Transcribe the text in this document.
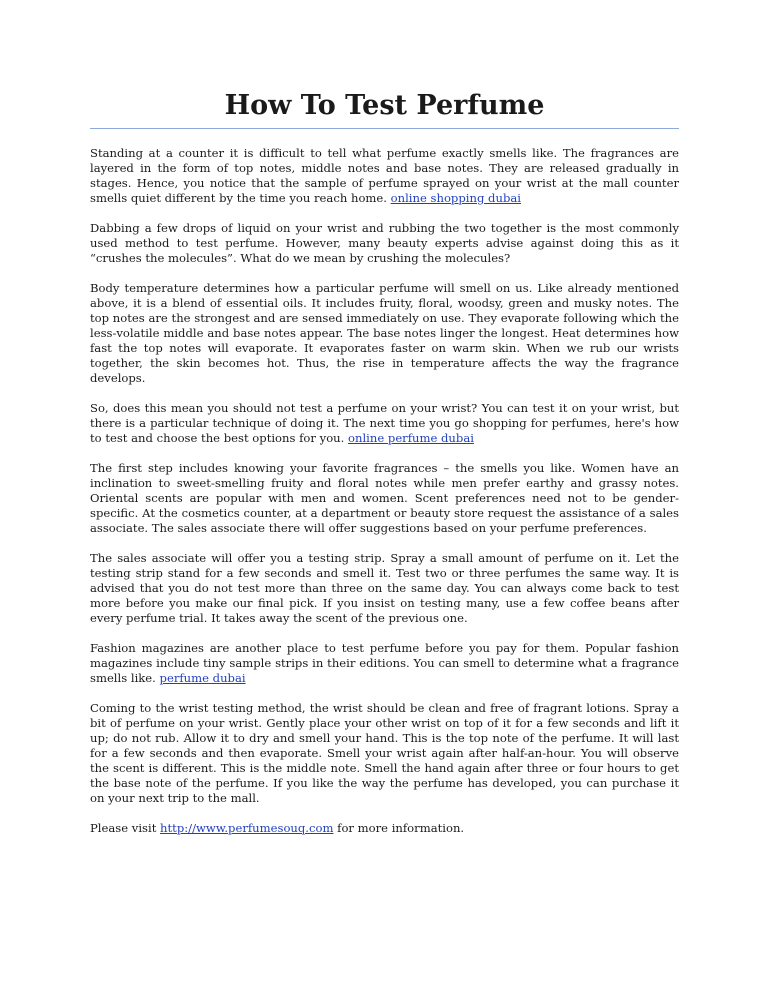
How To Test Perfume

Standing at a counter it is difficult to tell what perfume exactly smells like. The fragrances are layered in the form of top notes, middle notes and base notes. They are released gradually in stages. Hence, you notice that the sample of perfume sprayed on your wrist at the mall counter smells quiet different by the time you reach home. online shopping dubai

Dabbing a few drops of liquid on your wrist and rubbing the two together is the most commonly used method to test perfume. However, many beauty experts advise against doing this as it “crushes the molecules”. What do we mean by crushing the molecules?

Body temperature determines how a particular perfume will smell on us. Like already mentioned above, it is a blend of essential oils. It includes fruity, floral, woodsy, green and musky notes. The top notes are the strongest and are sensed immediately on use. They evaporate following which the less-volatile middle and base notes appear. The base notes linger the longest. Heat determines how fast the top notes will evaporate. It evaporates faster on warm skin. When we rub our wrists together, the skin becomes hot. Thus, the rise in temperature affects the way the fragrance develops.

So, does this mean you should not test a perfume on your wrist? You can test it on your wrist, but there is a particular technique of doing it. The next time you go shopping for perfumes, here's how to test and choose the best options for you. online perfume dubai

The first step includes knowing your favorite fragrances – the smells you like. Women have an inclination to sweet-smelling fruity and floral notes while men prefer earthy and grassy notes. Oriental scents are popular with men and women. Scent preferences need not to be gender-specific. At the cosmetics counter, at a department or beauty store request the assistance of a sales associate. The sales associate there will offer suggestions based on your perfume preferences.

The sales associate will offer you a testing strip. Spray a small amount of perfume on it. Let the testing strip stand for a few seconds and smell it. Test two or three perfumes the same way. It is advised that you do not test more than three on the same day. You can always come back to test more before you make our final pick. If you insist on testing many, use a few coffee beans after every perfume trial. It takes away the scent of the previous one.

Fashion magazines are another place to test perfume before you pay for them. Popular fashion magazines include tiny sample strips in their editions. You can smell to determine what a fragrance smells like. perfume dubai

Coming to the wrist testing method, the wrist should be clean and free of fragrant lotions. Spray a bit of perfume on your wrist. Gently place your other wrist on top of it for a few seconds and lift it up; do not rub. Allow it to dry and smell your hand. This is the top note of the perfume. It will last for a few seconds and then evaporate. Smell your wrist again after half-an-hour. You will observe the scent is different. This is the middle note. Smell the hand again after three or four hours to get the base note of the perfume. If you like the way the perfume has developed, you can purchase it on your next trip to the mall.

Please visit http://www.perfumesouq.com for more information.
